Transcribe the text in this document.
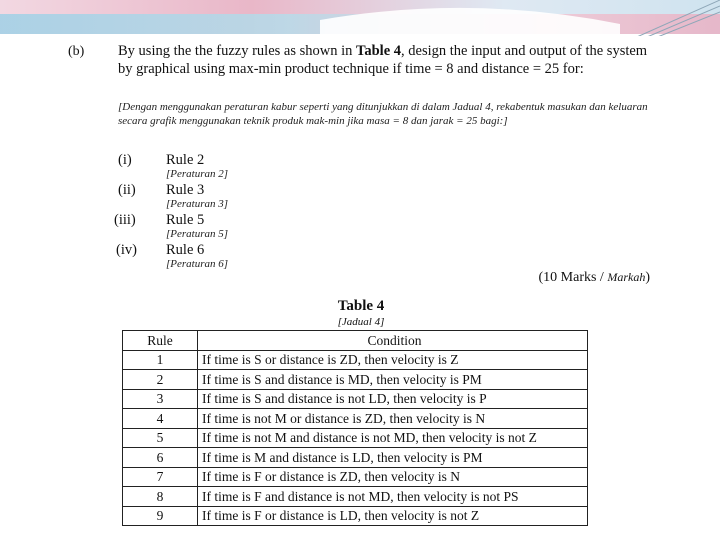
(b) By using the the fuzzy rules as shown in Table 4, design the input and output of the system by graphical using max-min product technique if time = 8 and distance = 25 for:
[Dengan menggunakan peraturan kabur seperti yang ditunjukkan di dalam Jadual 4, rekabentuk masukan dan keluaran secara grafik menggunakan teknik produk mak-min jika masa = 8 dan jarak = 25 bagi:]
(i)	Rule 2
[Peraturan 2]
(ii)	Rule 3
[Peraturan 3]
(iii)	Rule 5
[Peraturan 5]
(iv)	Rule 6
[Peraturan 6]
(10 Marks / Markah)
Table 4
[Jadual 4]
Rule	Condition
1	If time is S or distance is ZD, then velocity is Z
2	If time is S and distance is MD, then velocity is PM
3	If time is S and distance is not LD, then velocity is P
4	If time is not M or distance is ZD, then velocity is N
5	If time is not M and distance is not MD, then velocity is not Z
6	If time is M and distance is LD, then velocity is PM
7	If time is F or distance is ZD, then velocity is N
8	If time is F and distance is not MD, then velocity is not PS
9	If time is F or distance is LD, then velocity is not Z
